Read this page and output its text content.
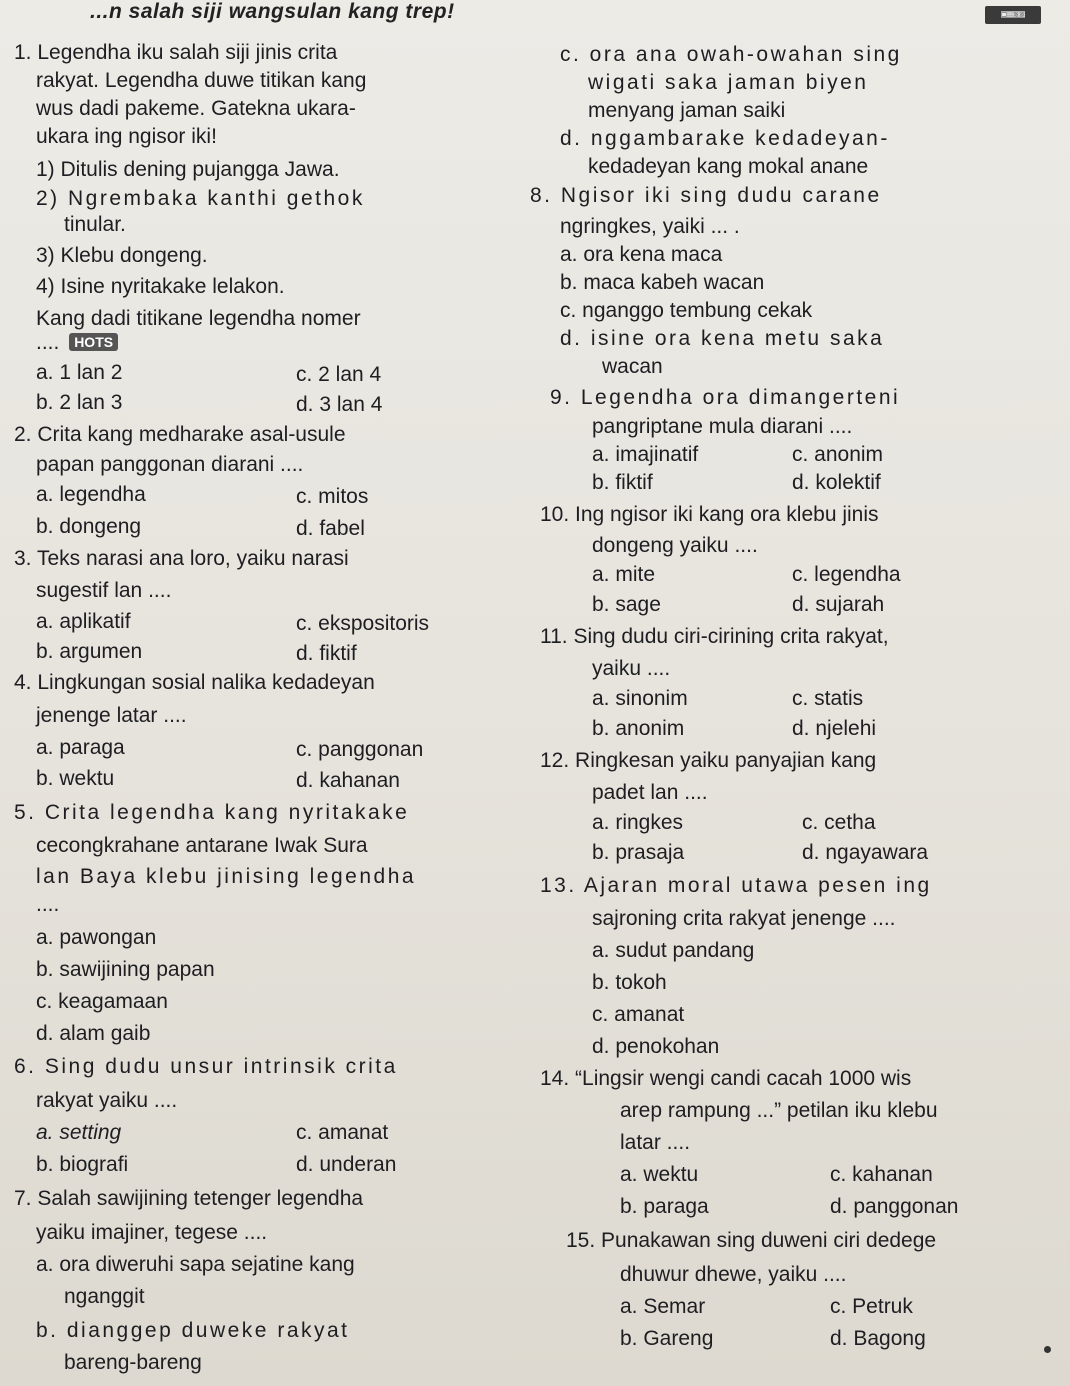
...n salah siji wangsulan kang trep!	▣▦▧▨
1. Legendha iku salah siji jinis crita
rakyat. Legendha duwe titikan kang
wus dadi pakeme. Gatekna ukara-
ukara ing ngisor iki!
1) Ditulis dening pujangga Jawa.
2) Ngrembaka kanthi gethok
tinular.
3) Klebu dongeng.
4) Isine nyritakake lelakon.
Kang dadi titikane legendha nomer
.... HOTS
a. 1 lan 2	c. 2 lan 4
b. 2 lan 3	d. 3 lan 4
2. Crita kang medharake asal-usule
papan panggonan diarani ....
a. legendha	c. mitos
b. dongeng	d. fabel
3. Teks narasi ana loro, yaiku narasi
sugestif lan ....
a. aplikatif	c. ekspositoris
b. argumen	d. fiktif
4. Lingkungan sosial nalika kedadeyan
jenenge latar ....
a. paraga	c. panggonan
b. wektu	d. kahanan
5. Crita legendha kang nyritakake
cecongkrahane antarane Iwak Sura
lan Baya klebu jinising legendha
....
a. pawongan
b. sawijining papan
c. keagamaan
d. alam gaib
6. Sing dudu unsur intrinsik crita
rakyat yaiku ....
a. setting	c. amanat
b. biografi	d. underan
7. Salah sawijining tetenger legendha
yaiku imajiner, tegese ....
a. ora diweruhi sapa sejatine kang
nganggit
b. dianggep duweke rakyat
bareng-bareng
c. ora ana owah-owahan sing
wigati saka jaman biyen
menyang jaman saiki
d. nggambarake kedadeyan-
kedadeyan kang mokal anane
8. Ngisor iki sing dudu carane
ngringkes, yaiki ... .
a. ora kena maca
b. maca kabeh wacan
c. nganggo tembung cekak
d. isine ora kena metu saka
wacan
9. Legendha ora dimangerteni
pangriptane mula diarani ....
a. imajinatif	c. anonim
b. fiktif	d. kolektif
10. Ing ngisor iki kang ora klebu jinis
dongeng yaiku ....
a. mite	c. legendha
b. sage	d. sujarah
11. Sing dudu ciri-cirining crita rakyat,
yaiku ....
a. sinonim	c. statis
b. anonim	d. njelehi
12. Ringkesan yaiku panyajian kang
padet lan ....
a. ringkes	c. cetha
b. prasaja	d. ngayawara
13. Ajaran moral utawa pesen ing
sajroning crita rakyat jenenge ....
a. sudut pandang
b. tokoh
c. amanat
d. penokohan
14. “Lingsir wengi candi cacah 1000 wis
arep rampung ...” petilan iku klebu
latar ....
a. wektu	c. kahanan
b. paraga	d. panggonan
15. Punakawan sing duweni ciri dedege
dhuwur dhewe, yaiku ....
a. Semar	c. Petruk
b. Gareng	d. Bagong
